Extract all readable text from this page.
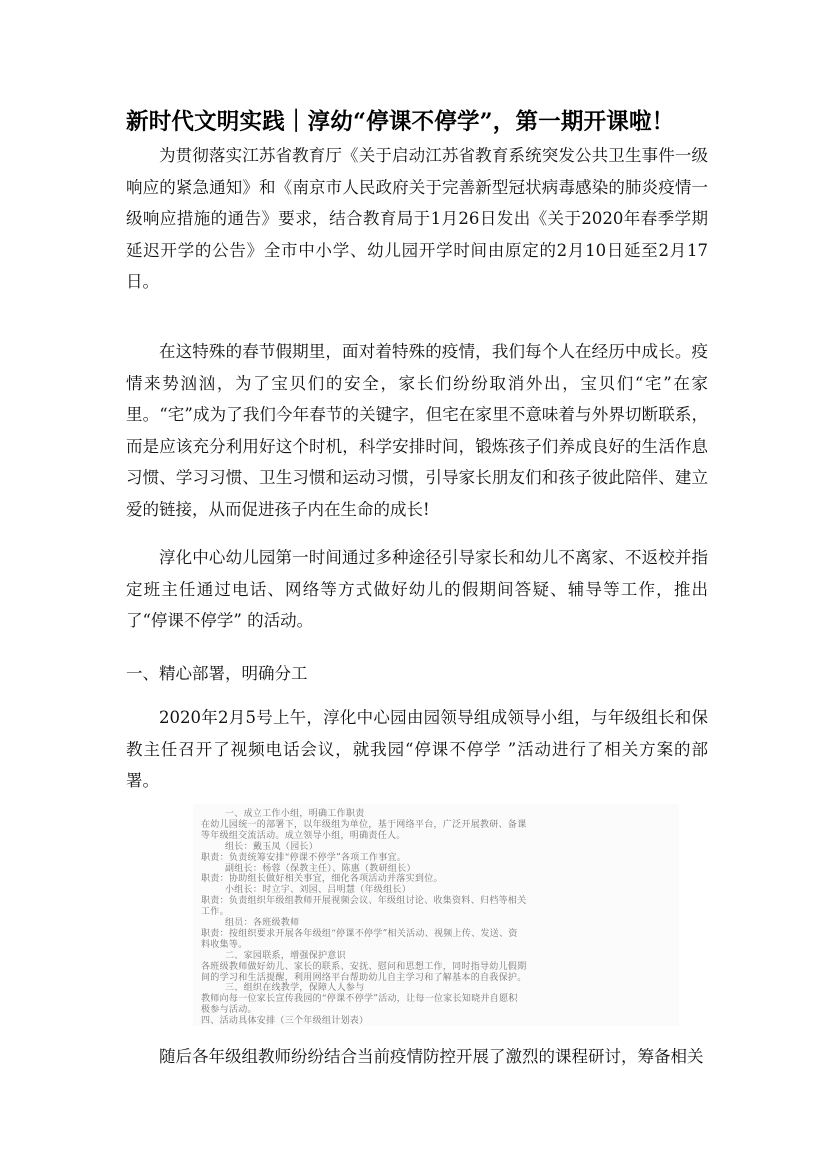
新时代文明实践｜淳幼“停课不停学”，第一期开课啦！

为贯彻落实江苏省教育厅《关于启动江苏省教育系统突发公共卫生事件一级响应的紧急通知》和《南京市人民政府关于完善新型冠状病毒感染的肺炎疫情一级响应措施的通告》要求，结合教育局于1月26日发出《关于2020年春季学期延迟开学的公告》全市中小学、幼儿园开学时间由原定的2月10日延至2月17日。

在这特殊的春节假期里，面对着特殊的疫情，我们每个人在经历中成长。疫情来势汹汹，为了宝贝们的安全，家长们纷纷取消外出，宝贝们“宅”在家里。“宅”成为了我们今年春节的关键字，但宅在家里不意味着与外界切断联系，而是应该充分利用好这个时机，科学安排时间，锻炼孩子们养成良好的生活作息习惯、学习习惯、卫生习惯和运动习惯，引导家长朋友们和孩子彼此陪伴、建立爱的链接，从而促进孩子内在生命的成长!

淳化中心幼儿园第一时间通过多种途径引导家长和幼儿不离家、不返校并指定班主任通过电话、网络等方式做好幼儿的假期间答疑、辅导等工作，推出了“停课不停学” 的活动。

一、精心部署，明确分工

2020年2月5号上午，淳化中心园由园领导组成领导小组，与年级组长和保教主任召开了视频电话会议，就我园“停课不停学 ”活动进行了相关方案的部署。

一、成立工作小组，明确工作职责
在幼儿园统一的部署下，以年级组为单位，基于网络平台，广泛开展教研、备课
等年级组交流活动。成立领导小组，明确责任人。
组长：戴玉凤（园长）
职责：负责统筹安排“停课不停学”各项工作事宜。
副组长：杨蓉（保教主任）、陈惠（教研组长）
职责：协助组长做好相关事宜，细化各项活动并落实到位。
小组长：时立宇、刘园、吕明慧（年级组长）
职责：负责组织年级组教师开展视频会议、年级组讨论、收集资料、归档等相关
工作。
组员：各班级教师
职责：按组织要求开展各年级组“停课不停学”相关活动、视频上传、发送、资
料收集等。
二、家园联系，增强保护意识
各班级教师做好幼儿、家长的联系、安抚、慰问和思想工作，同时指导幼儿假期
间的学习和生活提醒，利用网络平台帮助幼儿自主学习和了解基本的自我保护。
三、组织在线教学，保障人人参与
教师向每一位家长宣传我园的“停课不停学”活动，让每一位家长知晓并自愿积
极参与活动。
四、活动具体安排（三个年级组计划表）

随后各年级组教师纷纷结合当前疫情防控开展了激烈的课程研讨，筹备相关
